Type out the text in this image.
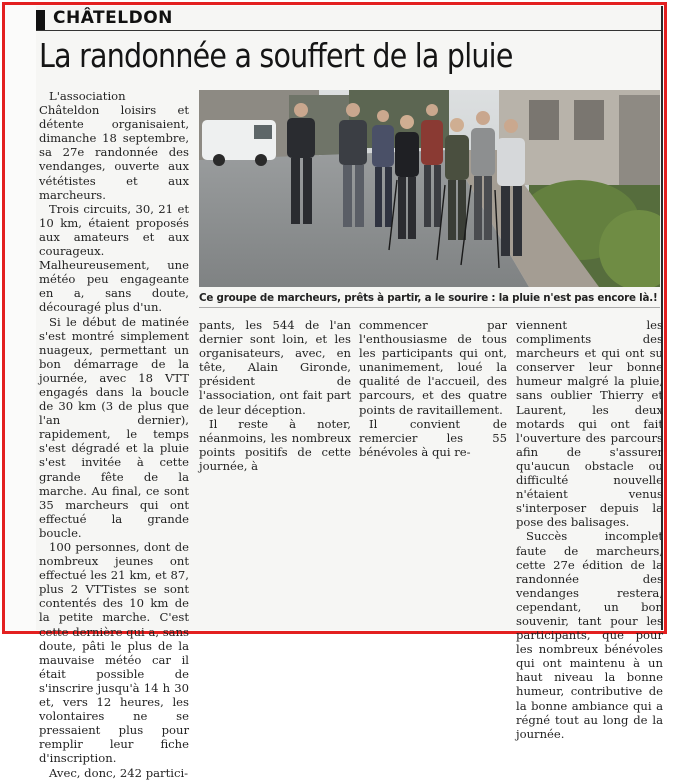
CHÂTELDON
La randonnée a souffert de la pluie

L'association Châteldon loisirs et détente organisaient, dimanche 18 septembre, sa 27e randonnée des vendanges, ouverte aux vététistes et aux marcheurs.

Trois circuits, 30, 21 et 10 km, étaient proposés aux amateurs et aux courageux. Malheureusement, une météo peu engageante en a, sans doute, découragé plus d'un.

Si le début de matinée s'est montré simplement nuageux, permettant un bon démarrage de la journée, avec 18 VTT engagés dans la boucle de 30 km (3 de plus que l'an dernier), rapidement, le temps s'est dégradé et la pluie s'est invitée à cette grande fête de la marche. Au final, ce sont 35 marcheurs qui ont effectué la grande boucle.

100 personnes, dont de nombreux jeunes ont effectué les 21 km, et 87, plus 2 VTTistes se sont contentés des 10 km de la petite marche. C'est cette dernière qui a, sans doute, pâti le plus de la mauvaise météo car il était possible de s'inscrire jusqu'à 14 h 30 et, vers 12 heures, les volontaires ne se pressaient plus pour remplir leur fiche d'inscription.

Avec, donc, 242 partici-

Ce groupe de marcheurs, prêts à partir, a le sourire : la pluie n'est pas encore là.!

pants, les 544 de l'an dernier sont loin, et les organisateurs, avec, en tête, Alain Gironde, président de l'association, ont fait part de leur déception.

Il reste à noter, néanmoins, les nombreux points positifs de cette journée, à

commencer par l'enthousiasme de tous les participants qui ont, unanimement, loué la qualité de l'accueil, des parcours, et des quatre points de ravitaillement.

Il convient de remercier les 55 bénévoles à qui re-

viennent les compliments des marcheurs et qui ont su conserver leur bonne humeur malgré la pluie, sans oublier Thierry et Laurent, les deux motards qui ont fait l'ouverture des parcours afin de s'assurer qu'aucun obstacle ou difficulté nouvelle n'étaient venus s'interposer depuis la pose des balisages.

Succès incomplet faute de marcheurs, cette 27e édition de la randonnée des vendanges restera, cependant, un bon souvenir, tant pour les participants, que pour les nombreux bénévoles qui ont maintenu à un haut niveau la bonne humeur, contributive de la bonne ambiance qui a régné tout au long de la journée.
